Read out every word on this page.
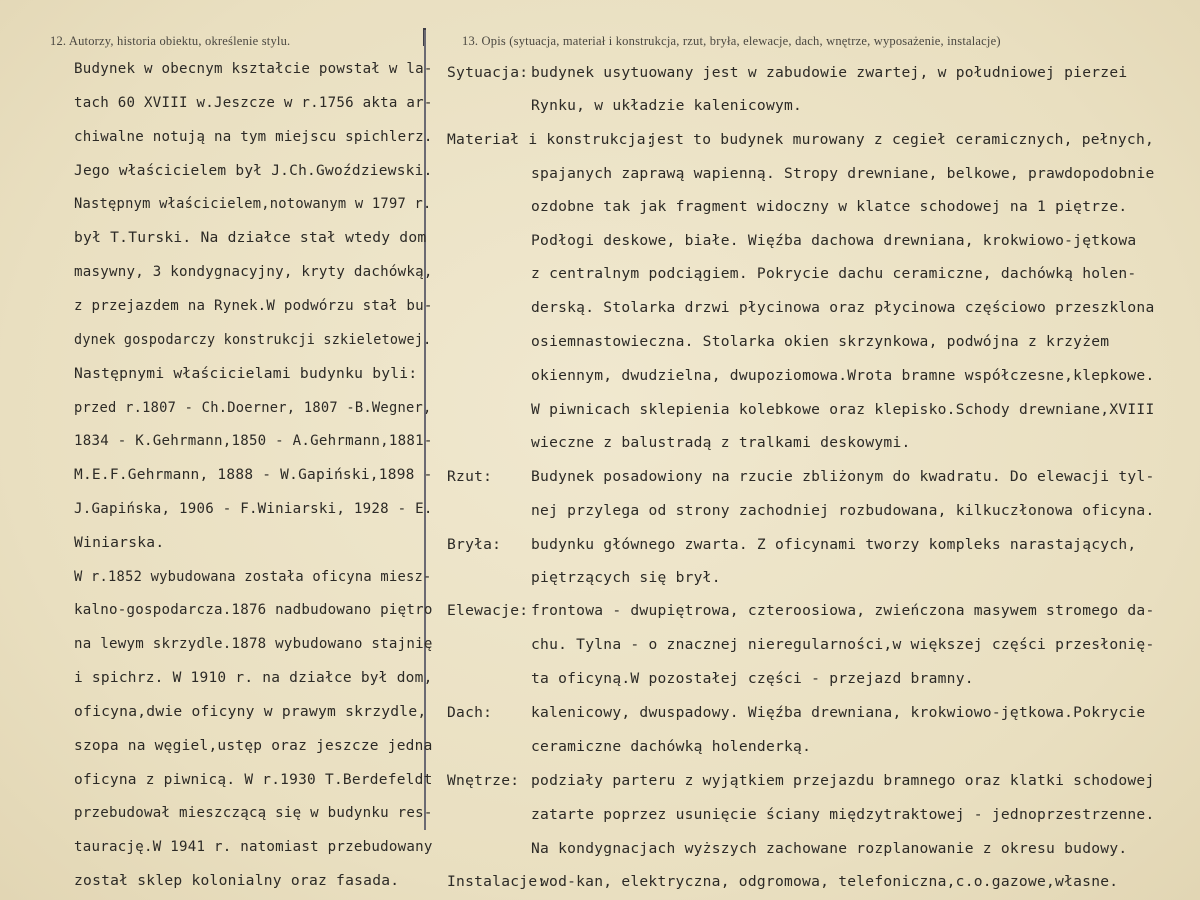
12. Autorzy, historia obiektu, określenie stylu.	13. Opis (sytuacja, materiał i konstrukcja, rzut, bryła, elewacje, dach, wnętrze, wyposażenie, instalacje)
Budynek w obecnym kształcie powstał w la-
tach 60 XVIII w.Jeszcze w r.1756 akta ar-
chiwalne notują na tym miejscu spichlerz.
Jego właścicielem był J.Ch.Gwoździewski.
Następnym właścicielem,notowanym w 1797 r.
był T.Turski. Na działce stał wtedy dom
masywny, 3 kondygnacyjny, kryty dachówką,
z przejazdem na Rynek.W podwórzu stał bu-
dynek gospodarczy konstrukcji szkieletowej.
Następnymi właścicielami budynku byli:
przed r.1807 - Ch.Doerner, 1807 -B.Wegner,
1834 - K.Gehrmann,1850 - A.Gehrmann,1881-
M.E.F.Gehrmann, 1888 - W.Gapiński,1898 -
J.Gapińska, 1906 - F.Winiarski, 1928 - E.
Winiarska.
W r.1852 wybudowana została oficyna miesz-
kalno-gospodarcza.1876 nadbudowano piętro
na lewym skrzydle.1878 wybudowano stajnię
i spichrz. W 1910 r. na działce był dom,
oficyna,dwie oficyny w prawym skrzydle,
szopa na węgiel,ustęp oraz jeszcze jedna
oficyna z piwnicą. W r.1930 T.Berdefeldt
przebudował mieszczącą się w budynku res-
taurację.W 1941 r. natomiast przebudowany
został sklep kolonialny oraz fasada.
Sytuacja: budynek usytuowany jest w zabudowie zwartej, w południowej pierzei
Rynku, w układzie kalenicowym.
Materiał i konstrukcja:
jest to budynek murowany z cegieł ceramicznych, pełnych,
spajanych zaprawą wapienną. Stropy drewniane, belkowe, prawdopodobnie
ozdobne tak jak fragment widoczny w klatce schodowej na 1 piętrze.
Podłogi deskowe, białe. Więźba dachowa drewniana, krokwiowo-jętkowa
z centralnym podciągiem. Pokrycie dachu ceramiczne, dachówką holen-
derską. Stolarka drzwi płycinowa oraz płycinowa częściowo przeszklona
osiemnastowieczna. Stolarka okien skrzynkowa, podwójna z krzyżem
okiennym, dwudzielna, dwupoziomowa.Wrota bramne współczesne,klepkowe.
W piwnicach sklepienia kolebkowe oraz klepisko.Schody drewniane,XVIII
wieczne z balustradą z tralkami deskowymi.
Rzut:	Budynek posadowiony na rzucie zbliżonym do kwadratu. Do elewacji tyl-
nej przylega od strony zachodniej rozbudowana, kilkuczłonowa oficyna.
Bryła: budynku głównego zwarta. Z oficynami tworzy kompleks narastających,
piętrzących się brył.
Elewacje: frontowa - dwupiętrowa, czteroosiowa, zwieńczona masywem stromego da-
chu. Tylna - o znacznej nieregularności,w większej części przesłonię-
ta oficyną.W pozostałej części - przejazd bramny.
Dach:	kalenicowy, dwuspadowy. Więźba drewniana, krokwiowo-jętkowa.Pokrycie
ceramiczne dachówką holenderką.
Wnętrze: podziały parteru z wyjątkiem przejazdu bramnego oraz klatki schodowej
zatarte poprzez usunięcie ściany międzytraktowej - jednoprzestrzenne.
Na kondygnacjach wyższych zachowane rozplanowanie z okresu budowy.
Instalacje:
wod-kan, elektryczna, odgromowa, telefoniczna,c.o.gazowe,własne.
